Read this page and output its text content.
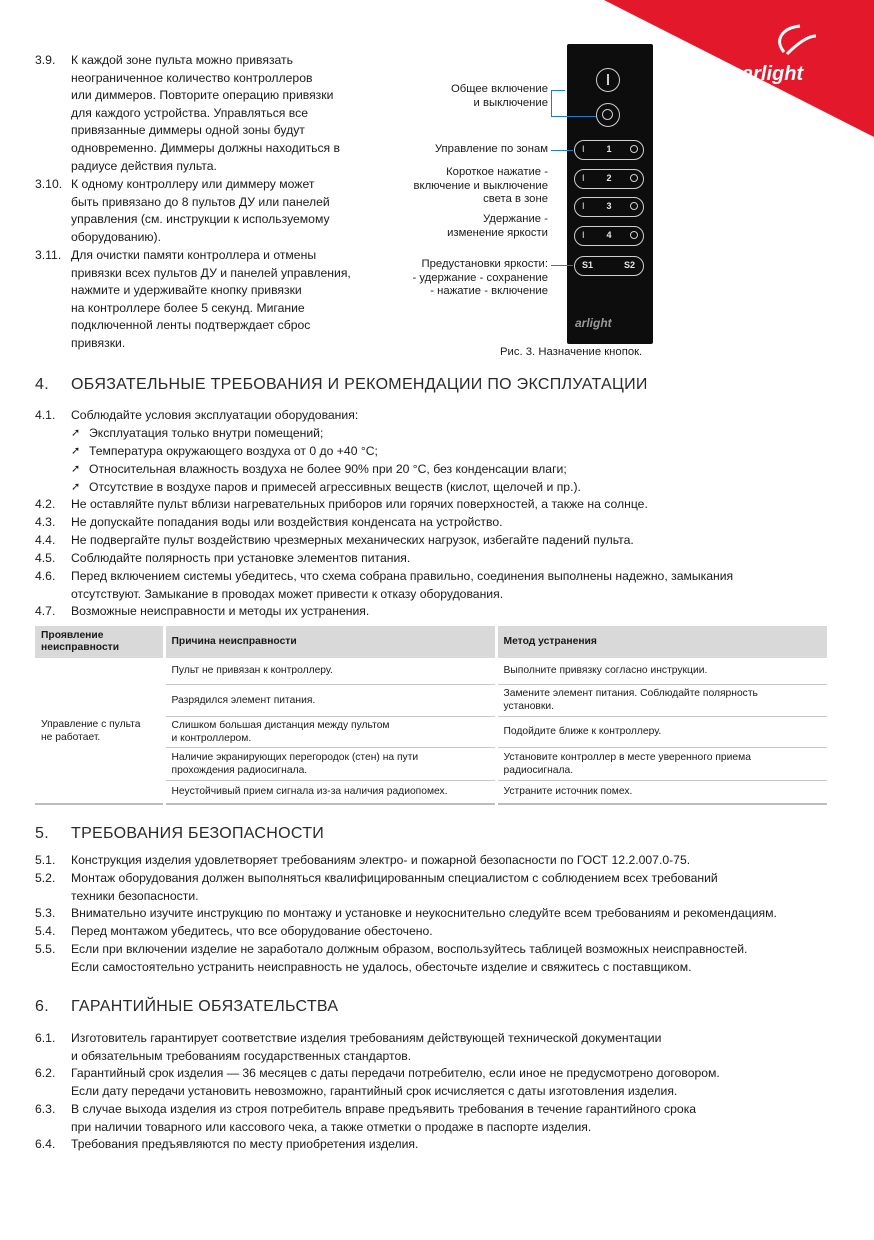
arlight
3.9.	К каждой зоне пульта можно привязать
неограниченное количество контроллеров
или диммеров. Повторите операцию привязки
для каждого устройства. Управляться все
привязанные диммеры одной зоны будут
одновременно. Диммеры должны находиться в
радиусе действия пульта.
3.10. К одному контроллеру или диммеру может
быть привязано до 8 пультов ДУ или панелей
управления (см. инструкции к используемому
оборудованию).
3.11. Для очистки памяти контроллера и отмены
привязки всех пультов ДУ и панелей управления,
нажмите и удерживайте кнопку привязки
на контроллере более 5 секунд. Мигание
подключенной ленты подтверждает сброс
привязки.
I	1
I	2
I	3
I	4
S1	S2
arlight
Общее включение
и выключение
Управление по зонам
Короткое нажатие -
включение и выключение
света в зоне
Удержание -
изменение яркости
Предустановки яркости:
- удержание - сохранение
- нажатие - включение
Рис. 3. Назначение кнопок.
4. ОБЯЗАТЕЛЬНЫЕ ТРЕБОВАНИЯ И РЕКОМЕНДАЦИИ ПО ЭКСПЛУАТАЦИИ
4.1.	Соблюдайте условия эксплуатации оборудования:
➚ Эксплуатация только внутри помещений;
➚ Температура окружающего воздуха от 0 до +40 °C;
➚ Относительная влажность воздуха не более 90% при 20 °C, без конденсации влаги;
➚ Отсутствие в воздухе паров и примесей агрессивных веществ (кислот, щелочей и пр.).
4.2.	Не оставляйте пульт вблизи нагревательных приборов или горячих поверхностей, а также на солнце.
4.3.	Не допускайте попадания воды или воздействия конденсата на устройство.
4.4.	Не подвергайте пульт воздействию чрезмерных механических нагрузок, избегайте падений пульта.
4.5.	Соблюдайте полярность при установке элементов питания.
4.6.	Перед включением системы убедитесь, что схема собрана правильно, соединения выполнены надежно, замыкания
отсутствуют. Замыкание в проводах может привести к отказу оборудования.
4.7.	Возможные неисправности и методы их устранения.
Проявление
неисправности	Причина неисправности	Метод устранения
Управление с пульта
не работает.	Пульт не привязан к контроллеру.	Выполните привязку согласно инструкции.
	Разрядился элемент питания.	Замените элемент питания. Соблюдайте полярность
установки.
	Слишком большая дистанция между пультом
и контроллером.	Подойдите ближе к контроллеру.
	Наличие экранирующих перегородок (стен) на пути
прохождения радиосигнала.	Установите контроллер в месте уверенного приема
радиосигнала.
	Неустойчивый прием сигнала из-за наличия радиопомех.	Устраните источник помех.
5. ТРЕБОВАНИЯ БЕЗОПАСНОСТИ
5.1.	Конструкция изделия удовлетворяет требованиям электро- и пожарной безопасности по ГОСТ 12.2.007.0-75.
5.2.	Монтаж оборудования должен выполняться квалифицированным специалистом с соблюдением всех требований
техники безопасности.
5.3.	Внимательно изучите инструкцию по монтажу и установке и неукоснительно следуйте всем требованиям и рекомендациям.
5.4.	Перед монтажом убедитесь, что все оборудование обесточено.
5.5.	Если при включении изделие не заработало должным образом, воспользуйтесь таблицей возможных неисправностей.
Если самостоятельно устранить неисправность не удалось, обесточьте изделие и свяжитесь с поставщиком.
6. ГАРАНТИЙНЫЕ ОБЯЗАТЕЛЬСТВА
6.1.	Изготовитель гарантирует соответствие изделия требованиям действующей технической документации
и обязательным требованиям государственных стандартов.
6.2.	Гарантийный срок изделия — 36 месяцев с даты передачи потребителю, если иное не предусмотрено договором.
Если дату передачи установить невозможно, гарантийный срок исчисляется с даты изготовления изделия.
6.3.	В случае выхода изделия из строя потребитель вправе предъявить требования в течение гарантийного срока
при наличии товарного или кассового чека, а также отметки о продаже в паспорте изделия.
6.4.	Требования предъявляются по месту приобретения изделия.
